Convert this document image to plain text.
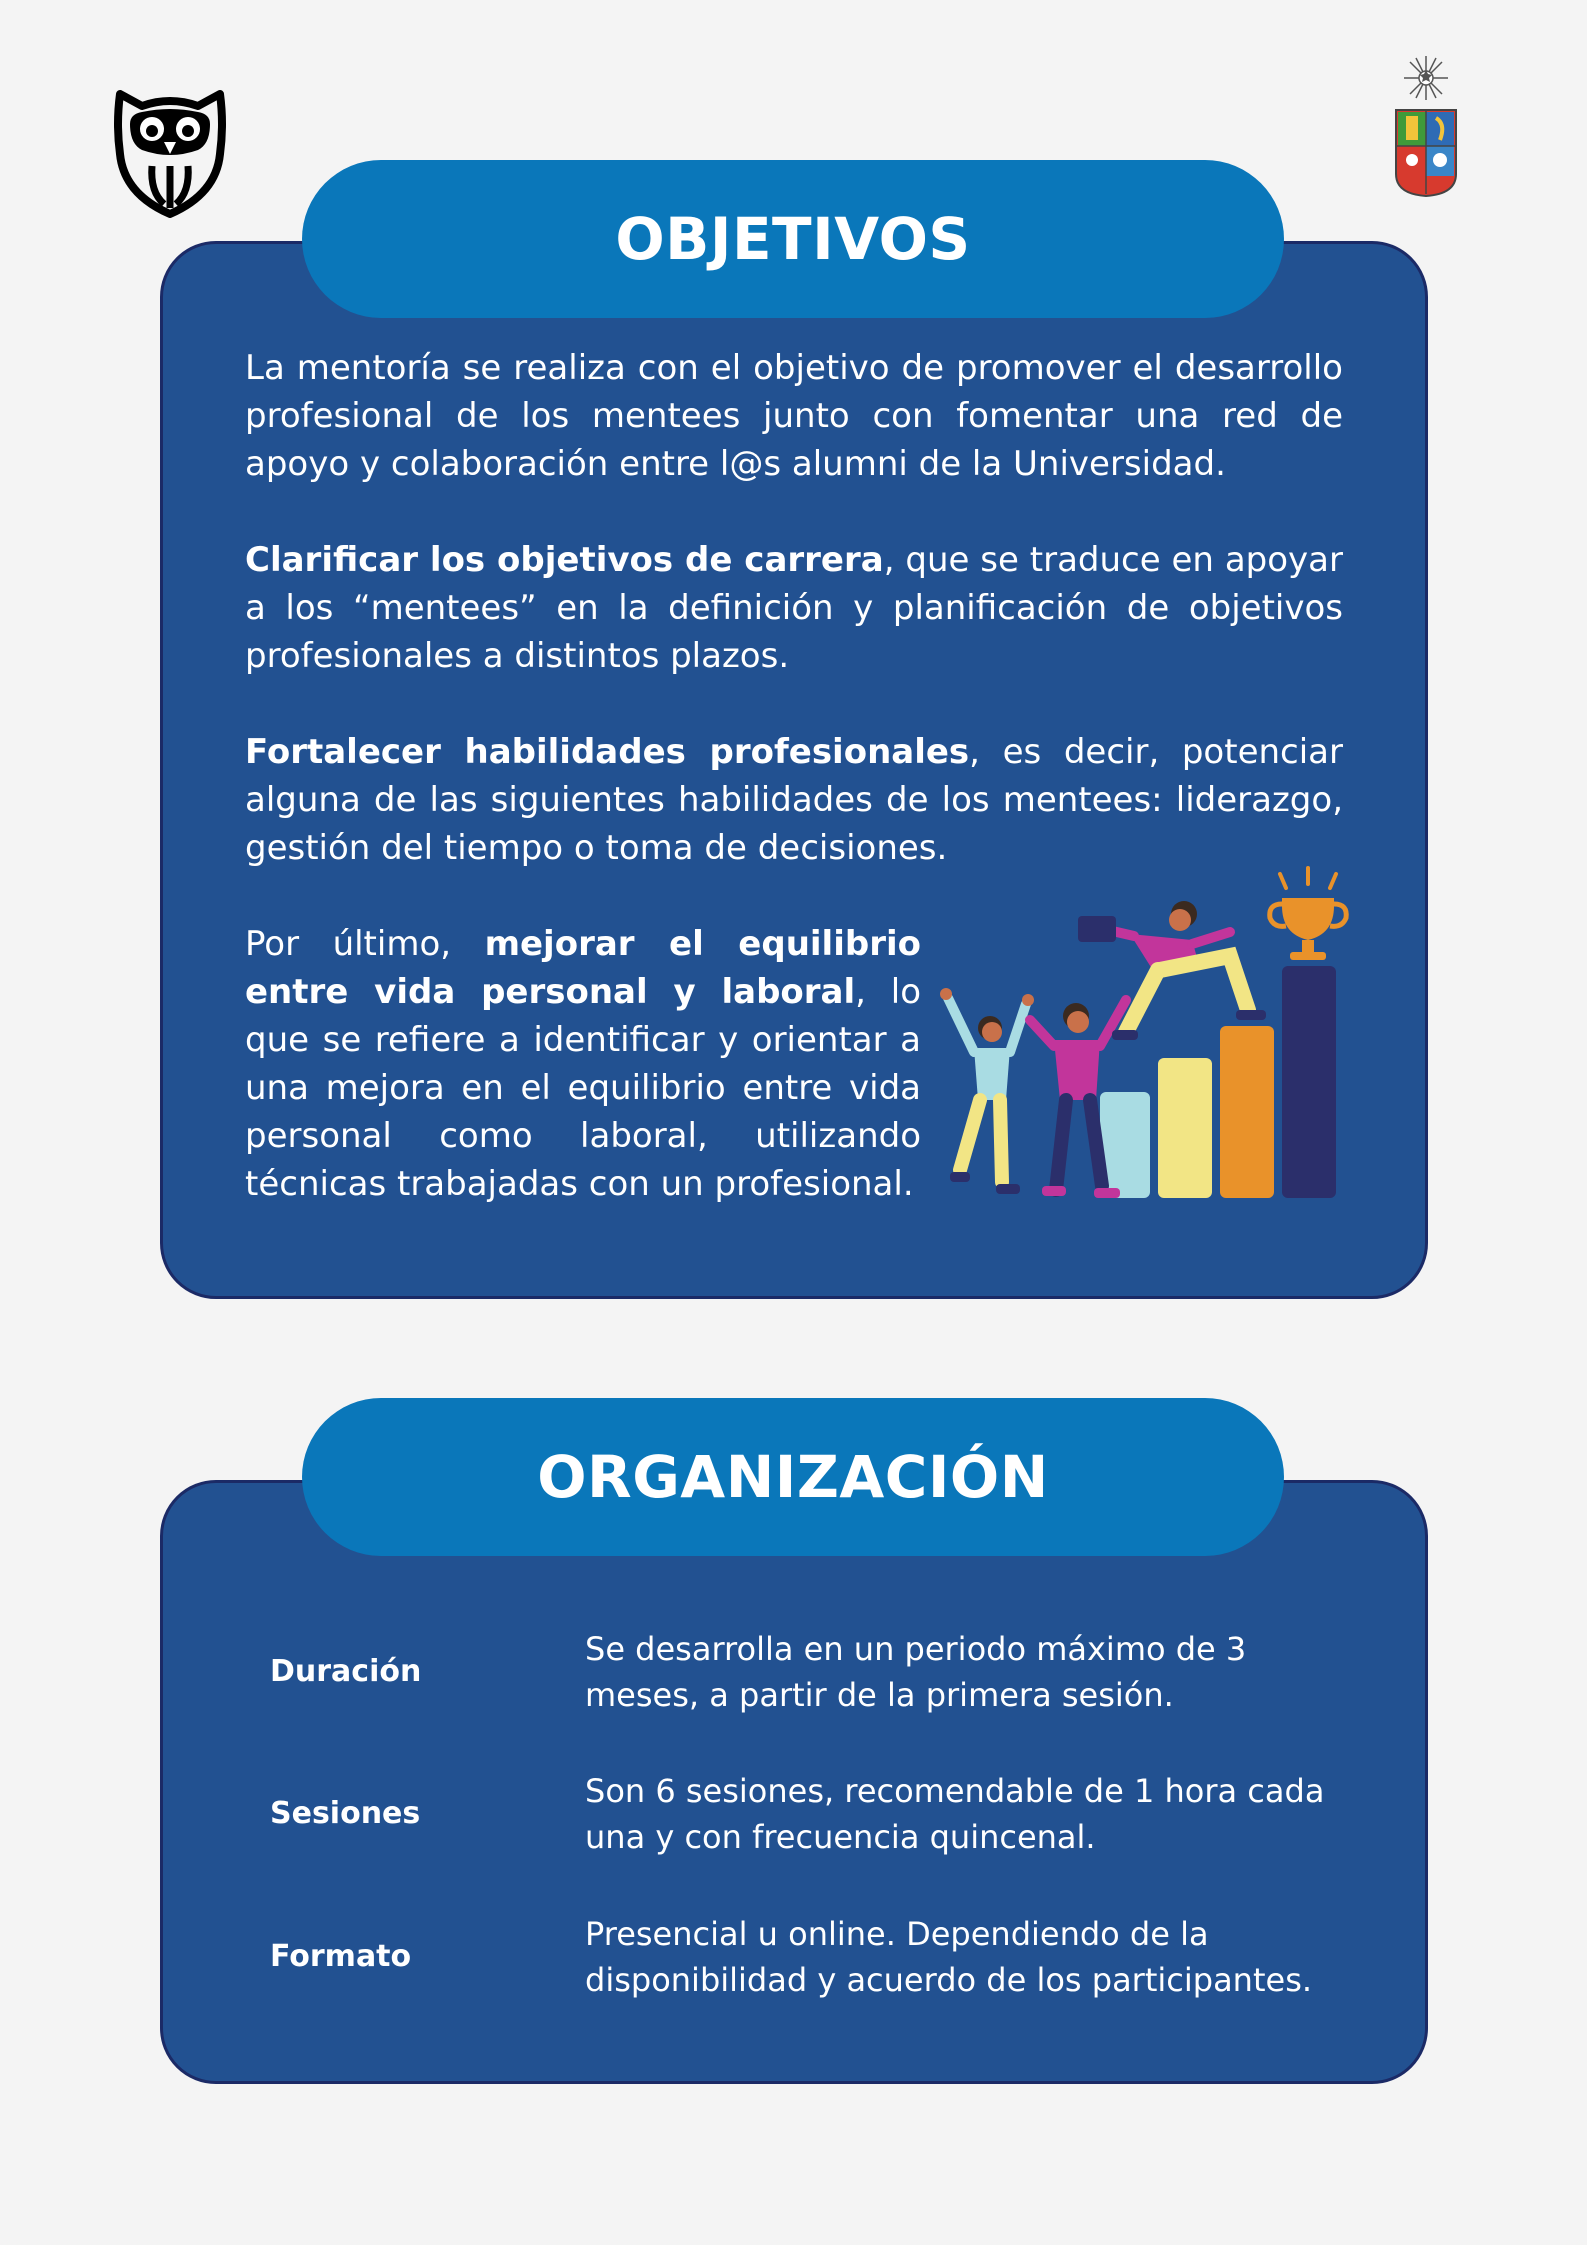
OBJETIVOS

La mentoría se realiza con el objetivo de promover el desarrollo profesional de los mentees junto con fomentar una red de apoyo y colaboración entre l@s alumni de la Universidad.

Clarificar los objetivos de carrera, que se traduce en apoyar a los “mentees” en la definición y planificación de objetivos profesionales a distintos plazos.

Fortalecer habilidades profesionales, es decir, potenciar alguna de las siguientes habilidades de los mentees: liderazgo, gestión del tiempo o toma de decisiones.

Por último, mejorar el equilibrio entre vida personal y laboral, lo que se refiere a identificar y orientar a una mejora en el equilibrio entre vida personal como laboral, utilizando técnicas trabajadas con un profesional.

ORGANIZACIÓN
Duración
Se desarrolla en un periodo máximo de 3 meses, a partir de la primera sesión.
Sesiones
Son 6 sesiones, recomendable de 1 hora cada una y con frecuencia quincenal.
Formato
Presencial u online. Dependiendo de la disponibilidad y acuerdo de los participantes.
